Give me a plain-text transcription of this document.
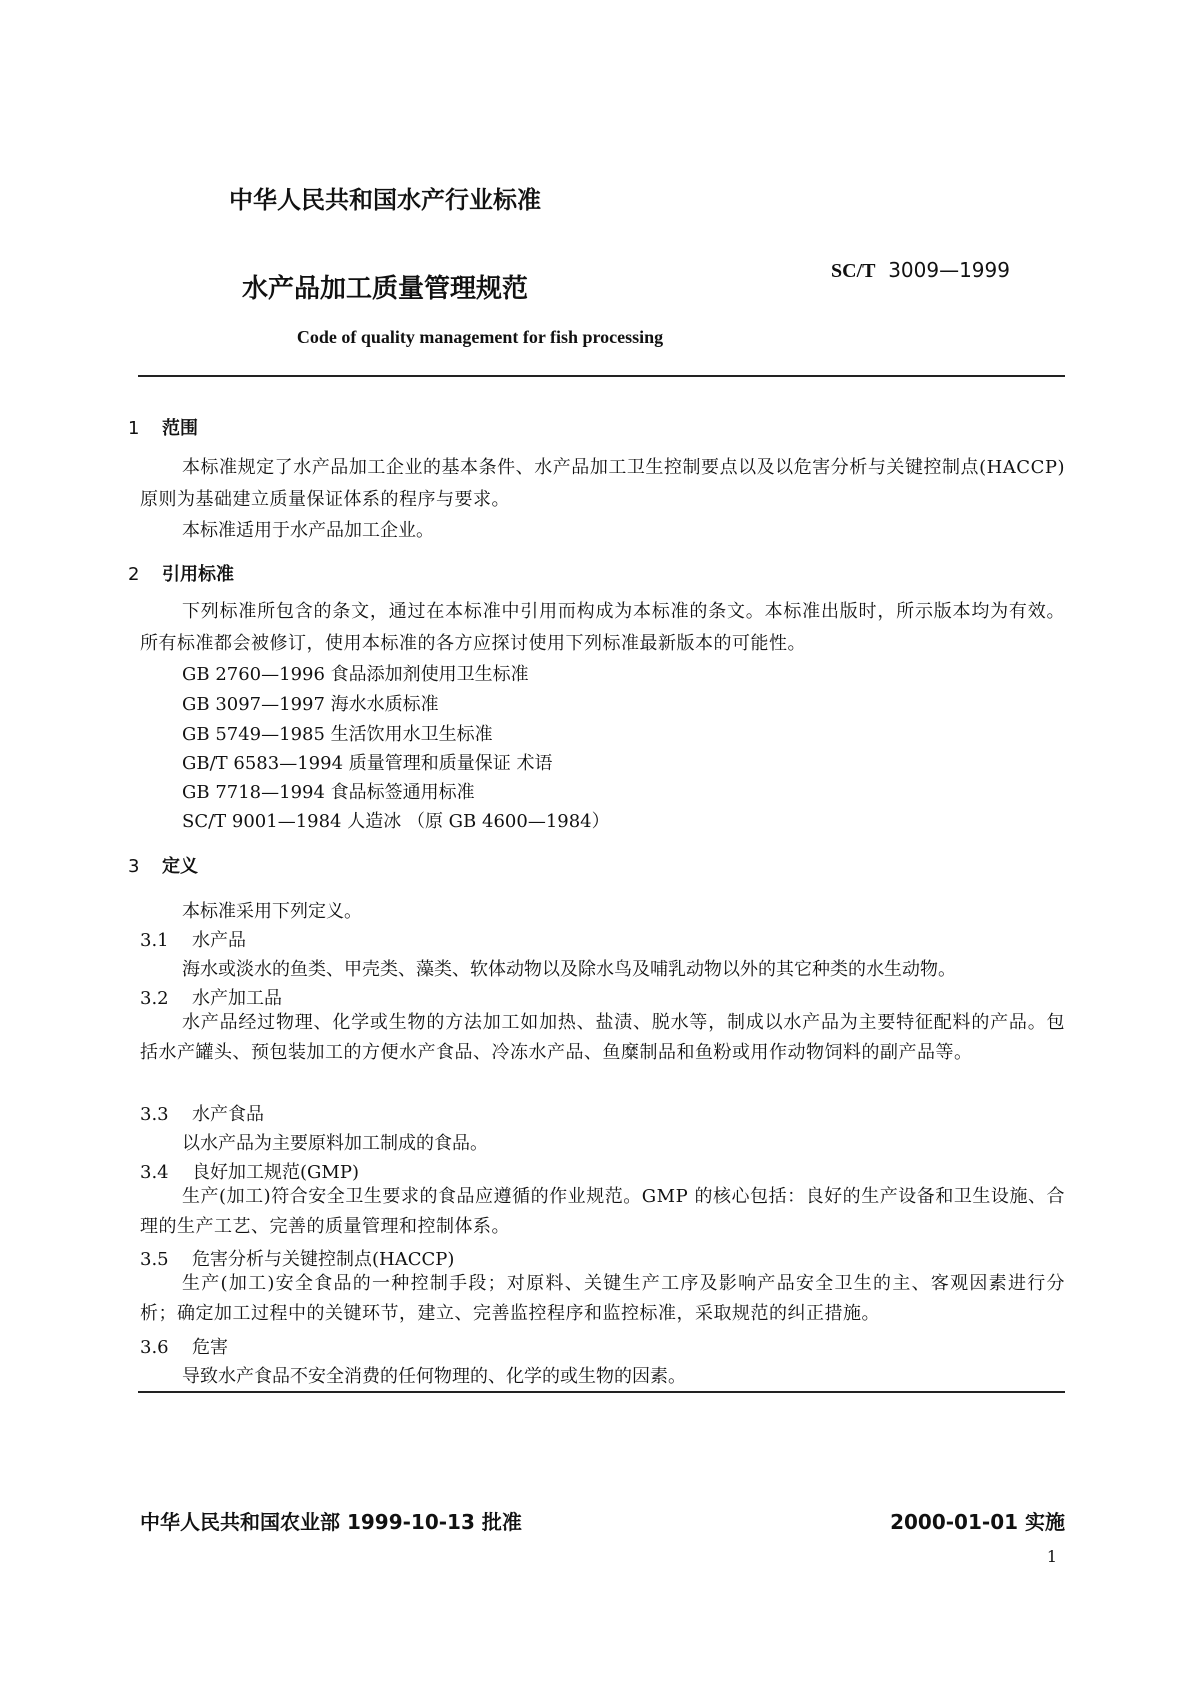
中华人民共和国水产行业标准
水产品加工质量管理规范
SC/T 3009—1999
Code of quality management for fish processing
1 范围
本标准规定了水产品加工企业的基本条件、水产品加工卫生控制要点以及以危害分析与关键控制点(HACCP)原则为基础建立质量保证体系的程序与要求。
本标准适用于水产品加工企业。
2 引用标准
下列标准所包含的条文，通过在本标准中引用而构成为本标准的条文。本标准出版时，所示版本均为有效。所有标准都会被修订，使用本标准的各方应探讨使用下列标准最新版本的可能性。
GB 2760—1996 食品添加剂使用卫生标准
GB 3097—1997 海水水质标准
GB 5749—1985 生活饮用水卫生标准
GB/T 6583—1994 质量管理和质量保证 术语
GB 7718—1994 食品标签通用标准
SC/T 9001—1984 人造冰 （原 GB 4600—1984）
3 定义
本标准采用下列定义。
3.1 水产品
海水或淡水的鱼类、甲壳类、藻类、软体动物以及除水鸟及哺乳动物以外的其它种类的水生动物。
3.2 水产加工品
水产品经过物理、化学或生物的方法加工如加热、盐渍、脱水等，制成以水产品为主要特征配料的产品。包括水产罐头、预包装加工的方便水产食品、冷冻水产品、鱼糜制品和鱼粉或用作动物饲料的副产品等。
3.3 水产食品
以水产品为主要原料加工制成的食品。
3.4 良好加工规范(GMP)
生产(加工)符合安全卫生要求的食品应遵循的作业规范。GMP 的核心包括：良好的生产设备和卫生设施、合理的生产工艺、完善的质量管理和控制体系。
3.5 危害分析与关键控制点(HACCP)
生产(加工)安全食品的一种控制手段；对原料、关键生产工序及影响产品安全卫生的主、客观因素进行分析；确定加工过程中的关键环节，建立、完善监控程序和监控标准，采取规范的纠正措施。
3.6 危害
导致水产食品不安全消费的任何物理的、化学的或生物的因素。
中华人民共和国农业部 1999-10-13 批准	2000-01-01 实施
1
